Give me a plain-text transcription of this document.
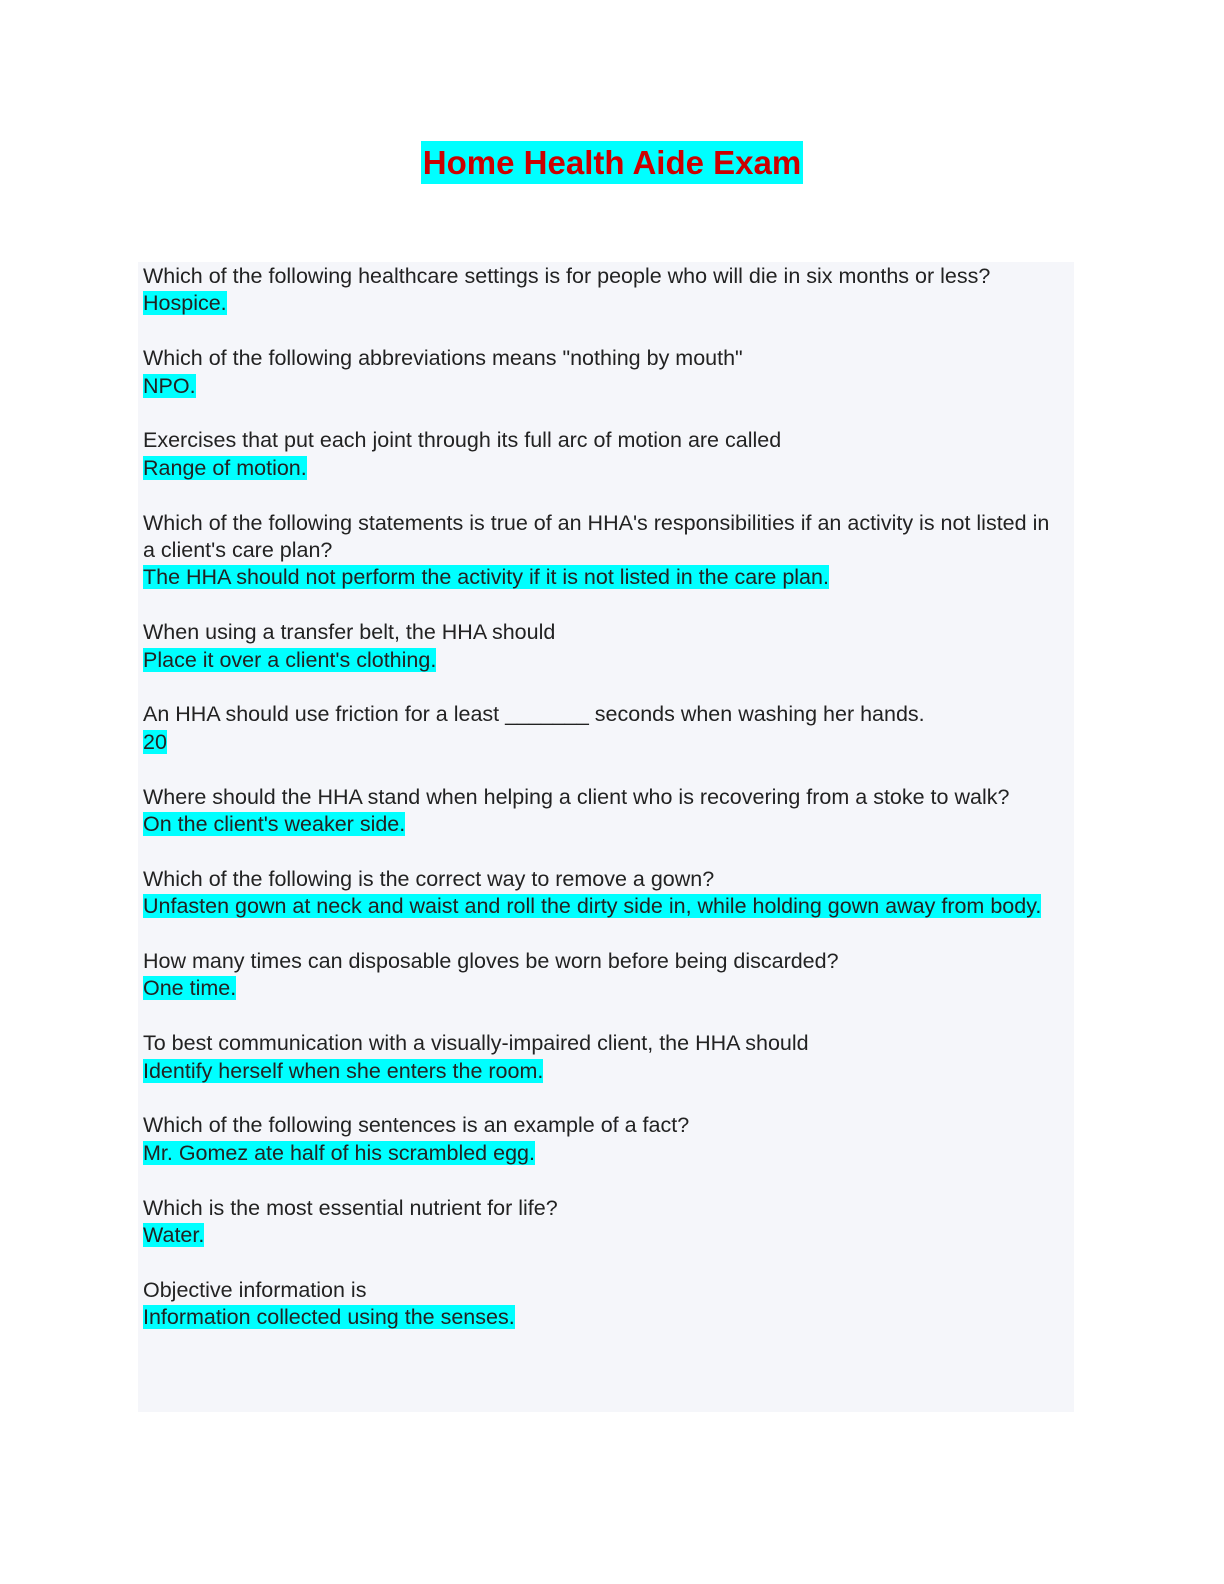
Home Health Aide Exam
Which of the following healthcare settings is for people who will die in six months or less?
Hospice.
Which of the following abbreviations means "nothing by mouth"
NPO.
Exercises that put each joint through its full arc of motion are called
Range of motion.
Which of the following statements is true of an HHA's responsibilities if an activity is not listed in a client's care plan?
The HHA should not perform the activity if it is not listed in the care plan.
When using a transfer belt, the HHA should
Place it over a client's clothing.
An HHA should use friction for a least _______ seconds when washing her hands.
20
Where should the HHA stand when helping a client who is recovering from a stoke to walk?
On the client's weaker side.
Which of the following is the correct way to remove a gown?
Unfasten gown at neck and waist and roll the dirty side in, while holding gown away from body.
How many times can disposable gloves be worn before being discarded?
One time.
To best communication with a visually-impaired client, the HHA should
Identify herself when she enters the room.
Which of the following sentences is an example of a fact?
Mr. Gomez ate half of his scrambled egg.
Which is the most essential nutrient for life?
Water.
Objective information is
Information collected using the senses.
